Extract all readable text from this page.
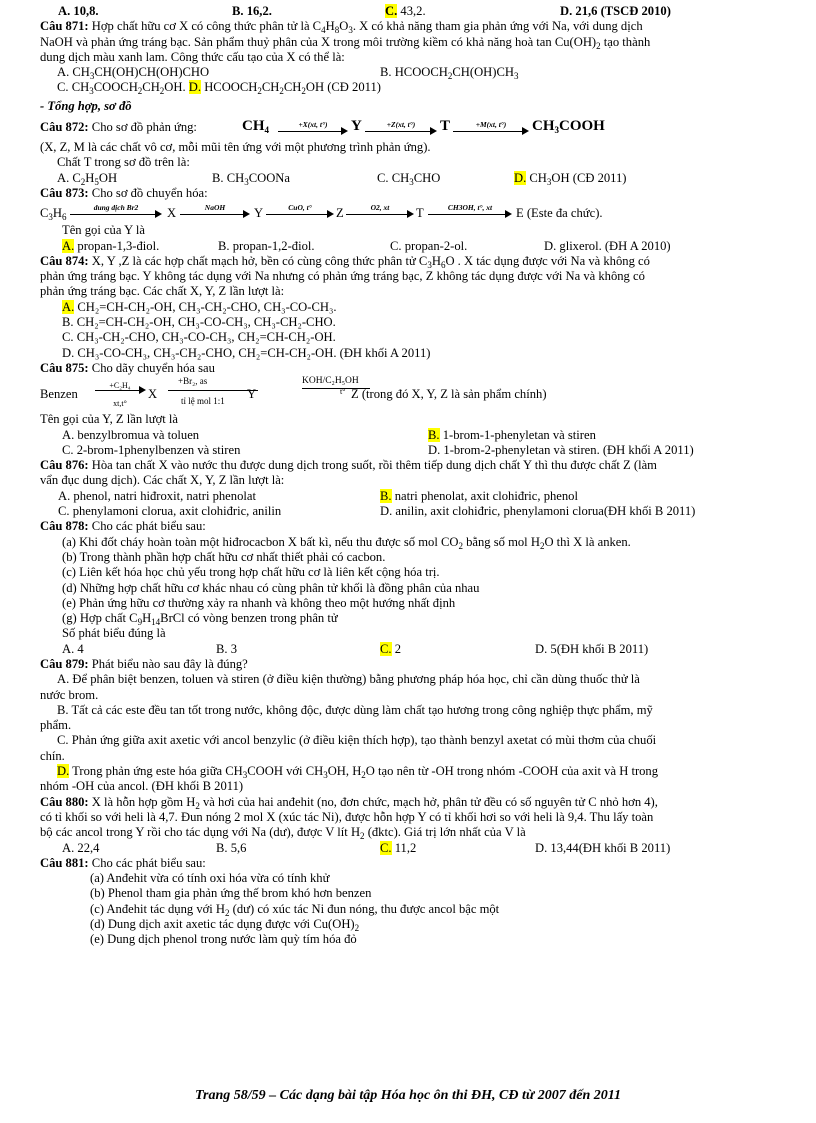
A. 10,8.	B. 16,2.	C. 43,2.	D. 21,6 (TSCĐ 2010)
Câu 871: Hợp chất hữu cơ X có công thức phân tử là $C_4H_8O_3$. X có khả năng tham gia phản ứng với Na, với dung dịch
NaOH và phản ứng tráng bạc. Sản phẩm thuỷ phân của X trong môi trường kiềm có khả năng hoà $\tan Cu(OH)_2$ tạo thành
dung dịch màu xanh lam. Công thức cấu tạo của X có thể là:
A. $CH_3CH(OH)CH(OH)CHO$	B. $HCOOCH_2CH(OH)CH_3$
C. $CH_3COOCH_2CH_2OH$. D. $HCOOCH_2CH_2CH_2OH$ (CĐ 2011)
- Tổng hợp, sơ đồ
Câu 872: Cho sơ đồ phản ứng:	$CH_4$
+X(xt, t°)	Y	+Z(xt, t°)	T	+M(xt, t°)	$CH_3COOH$
(X, Z, M là các chất vô cơ, mỗi mũi tên ứng với một phương trình phản ứng).
Chất T trong sơ đồ trên là:
A. $C_2H_5OH$	B. $CH_3COONa$	C. $CH_3CHO$	D. $CH_3OH$ (CĐ 2011)
Câu 873: Cho sơ đồ chuyển hóa:
$C_3H_6$
dung dịch Br2	X	NaOH	Y	CuO, t°	Z	O2, xt	T	CH3OH, t°, xt	E (Este đa chức).
Tên gọi của Y là
A. propan-1,3-điol.	B. propan-1,2-điol.	C. propan-2-ol.	D. glixerol. (ĐH A 2010)
Câu 874: X, Y ,Z là các hợp chất mạch hở, bền có cùng công thức phân tử $C_3H_6O$ . X tác dụng được với Na và không có
phản ứng tráng bạc. Y không tác dụng với Na nhưng có phản ứng tráng bạc, Z không tác dụng được với Na và không có
phản ứng tráng bạc. Các chất X, Y, Z lần lượt là:
A. CH₂=CH-CH₂-OH, CH₃-CH₂-CHO, CH₃-CO-CH₃.
B. CH₂=CH-CH₂-OH, CH₃-CO-CH₃, CH₃-CH₂-CHO.
C. CH₃-CH₂-CHO, CH₃-CO-CH₃, CH₂=CH-CH₂-OH.
D. CH₃-CO-CH₃, CH₃-CH₂-CHO, CH₂=CH-CH₂-OH. (ĐH khối A 2011)
Câu 875: Cho dãy chuyển hóa sau
Benzen
+C₂H₄
xt,t°
X
+Br₂, as
tỉ lệ mol 1:1	Y
KOH/C₂H₅OH
t° Z (trong đó X, Y, Z là sản phẩm chính)
Tên gọi của Y, Z lần lượt là
A. benzylbromua và toluen	B. 1-brom-1-phenyletan và stiren
C. 2-brom-1phenylbenzen và stiren	D. 1-brom-2-phenyletan và stiren. (ĐH khối A 2011)
Câu 876: Hòa tan chất X vào nước thu được dung dịch trong suốt, rồi thêm tiếp dung dịch chất Y thì thu được chất Z (làm
vẩn đục dung dịch). Các chất X, Y, Z lần lượt là:
A. phenol, natri hiđroxit, natri phenolat	B. natri phenolat, axit clohiđric, phenol
C. phenylamoni clorua, axit clohiđric, anilin	D. anilin, axit clohiđric, phenylamoni clorua(ĐH khối B 2011)
Câu 878: Cho các phát biểu sau:
(a) Khi đốt cháy hoàn toàn một hiđrocacbon X bất kì, nếu thu được số mol $CO_2$ bằng số mol $H_2O$ thì X là anken.
(b) Trong thành phần hợp chất hữu cơ nhất thiết phải có cacbon.
(c) Liên kết hóa học chủ yếu trong hợp chất hữu cơ là liên kết cộng hóa trị.
(d) Những hợp chất hữu cơ khác nhau có cùng phân tử khối là đồng phân của nhau
(e) Phản ứng hữu cơ thường xảy ra nhanh và không theo một hướng nhất định
(g) Hợp chất $C_9H_{14}BrCl$ có vòng benzen trong phân tử
Số phát biểu đúng là
A. 4	B. 3	C. 2	D. 5(ĐH khối B 2011)
Câu 879: Phát biểu nào sau đây là đúng?
A. Để phân biệt benzen, toluen và stiren (ở điều kiện thường) bằng phương pháp hóa học, chỉ cần dùng thuốc thử là
nước brom.
B. Tất cả các este đều tan tốt trong nước, không độc, được dùng làm chất tạo hương trong công nghiệp thực phẩm, mỹ
phẩm.
C. Phản ứng giữa axit axetic với ancol benzylic (ở điều kiện thích hợp), tạo thành benzyl axetat có mùi thơm của chuối
chín.
D. Trong phản ứng este hóa giữa $CH_3COOH$ với $CH_3OH$, $H_2O$ tạo nên từ -OH trong nhóm -COOH của axit và H trong
nhóm -OH của ancol. (ĐH khối B 2011)
Câu 880: X là hỗn hợp gồm $H_2$ và hơi của hai anđehit (no, đơn chức, mạch hở, phân tử đều có số nguyên tử C nhỏ hơn 4),
có tỉ khối so với heli là 4,7. Đun nóng 2 mol X (xúc tác Ni), được hỗn hợp Y có tỉ khối hơi so với heli là 9,4. Thu lấy toàn
bộ các ancol trong Y rồi cho tác dụng với Na (dư), được V lít $H_2$ (đktc). Giá trị lớn nhất của V là
A. 22,4	B. 5,6	C. 11,2	D. 13,44(ĐH khối B 2011)
Câu 881: Cho các phát biểu sau:
(a) Anđehit vừa có tính oxi hóa vừa có tính khử
(b) Phenol tham gia phản ứng thế brom khó hơn benzen
(c) Anđehit tác dụng với $H_2$ (dư) có xúc tác Ni đun nóng, thu được ancol bậc một
(d) Dung dịch axit axetic tác dụng được với $Cu(OH)_2$
(e) Dung dịch phenol trong nước làm quỳ tím hóa đỏ
Trang 58/59 – Các dạng bài tập Hóa học ôn thi ĐH, CĐ từ 2007 đến 2011
